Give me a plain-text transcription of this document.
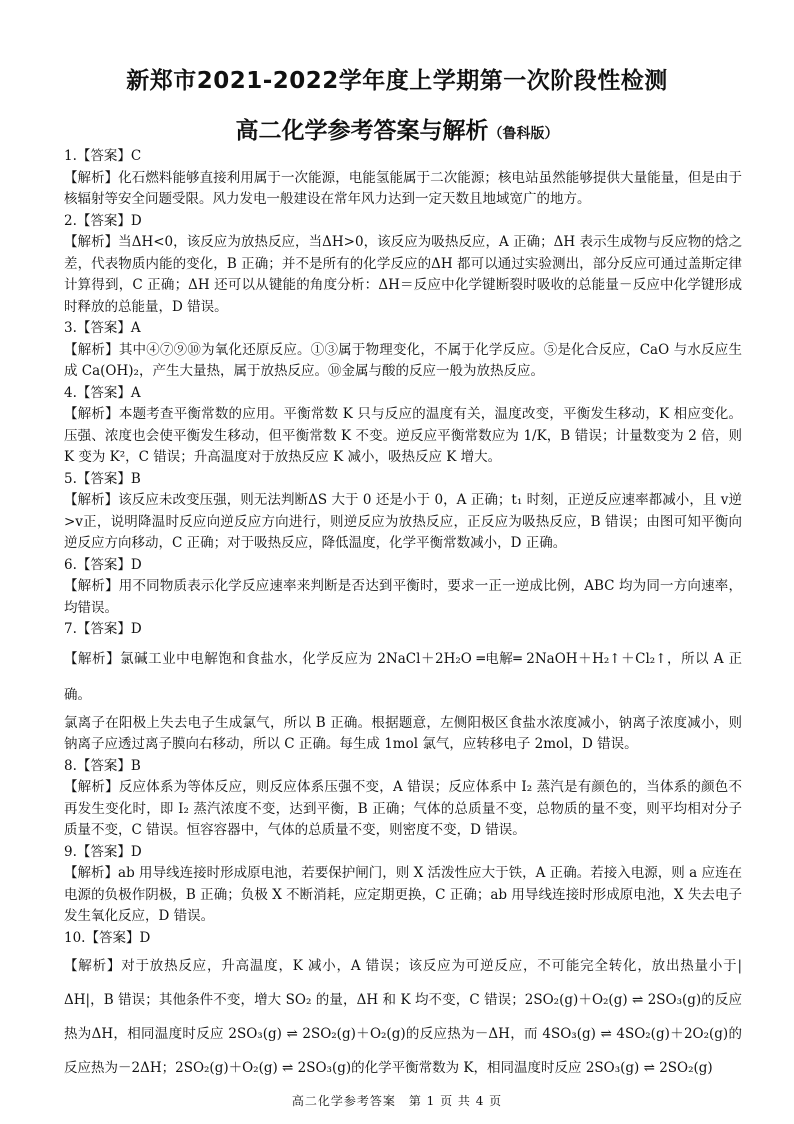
新郑市2021-2022学年度上学期第一次阶段性检测
高二化学参考答案与解析（鲁科版）
1.【答案】C
【解析】化石燃料能够直接利用属于一次能源，电能氢能属于二次能源；核电站虽然能够提供大量能量，但是由于核辐射等安全问题受限。风力发电一般建设在常年风力达到一定天数且地域宽广的地方。
2.【答案】D
【解析】当ΔH<0，该反应为放热反应，当ΔH>0，该反应为吸热反应，A 正确；ΔH 表示生成物与反应物的焓之差，代表物质内能的变化，B 正确；并不是所有的化学反应的ΔH 都可以通过实验测出，部分反应可通过盖斯定律计算得到，C 正确；ΔH 还可以从键能的角度分析：ΔH＝反应中化学键断裂时吸收的总能量－反应中化学键形成时释放的总能量，D 错误。
3.【答案】A
【解析】其中④⑦⑨⑩为氧化还原反应。①③属于物理变化，不属于化学反应。⑤是化合反应，CaO 与水反应生成 Ca(OH)₂，产生大量热，属于放热反应。⑩金属与酸的反应一般为放热反应。
4.【答案】A
【解析】本题考查平衡常数的应用。平衡常数 K 只与反应的温度有关，温度改变，平衡发生移动，K 相应变化。压强、浓度也会使平衡发生移动，但平衡常数 K 不变。逆反应平衡常数应为 1/K，B 错误；计量数变为 2 倍，则 K 变为 K²，C 错误；升高温度对于放热反应 K 减小，吸热反应 K 增大。
5.【答案】B
【解析】该反应未改变压强，则无法判断ΔS 大于 0 还是小于 0，A 正确；t₁ 时刻，正逆反应速率都减小，且 v逆>v正，说明降温时反应向逆反应方向进行，则逆反应为放热反应，正反应为吸热反应，B 错误；由图可知平衡向逆反应方向移动，C 正确；对于吸热反应，降低温度，化学平衡常数减小，D 正确。
6.【答案】D
【解析】用不同物质表示化学反应速率来判断是否达到平衡时，要求一正一逆成比例，ABC 均为同一方向速率，均错误。
7.【答案】D
【解析】氯碱工业中电解饱和食盐水，化学反应为 2NaCl＋2H₂O ═电解═ 2NaOH＋H₂↑＋Cl₂↑，所以 A 正确。
氯离子在阳极上失去电子生成氯气，所以 B 正确。根据题意，左侧阳极区食盐水浓度减小，钠离子浓度减小，则钠离子应透过离子膜向右移动，所以 C 正确。每生成 1mol 氯气，应转移电子 2mol，D 错误。
8.【答案】B
【解析】反应体系为等体反应，则反应体系压强不变，A 错误；反应体系中 I₂ 蒸汽是有颜色的，当体系的颜色不再发生变化时，即 I₂ 蒸汽浓度不变，达到平衡，B 正确；气体的总质量不变，总物质的量不变，则平均相对分子质量不变，C 错误。恒容容器中，气体的总质量不变，则密度不变，D 错误。
9.【答案】D
【解析】ab 用导线连接时形成原电池，若要保护闸门，则 X 活泼性应大于铁，A 正确。若接入电源，则 a 应连在电源的负极作阴极，B 正确；负极 X 不断消耗，应定期更换，C 正确；ab 用导线连接时形成原电池，X 失去电子发生氧化反应，D 错误。
10.【答案】D
【解析】对于放热反应，升高温度，K 减小，A 错误；该反应为可逆反应，不可能完全转化，放出热量小于|ΔH|，B 错误；其他条件不变，增大 SO₂ 的量，ΔH 和 K 均不变，C 错误；2SO₂(g)＋O₂(g) ⇌ 2SO₃(g)的反应热为ΔH，相同温度时反应 2SO₃(g) ⇌ 2SO₂(g)＋O₂(g)的反应热为－ΔH，而 4SO₃(g) ⇌ 4SO₂(g)＋2O₂(g)的反应热为－2ΔH；2SO₂(g)＋O₂(g) ⇌ 2SO₃(g)的化学平衡常数为 K，相同温度时反应 2SO₃(g) ⇌ 2SO₂(g)
高二化学参考答案　第 1 页 共 4 页
